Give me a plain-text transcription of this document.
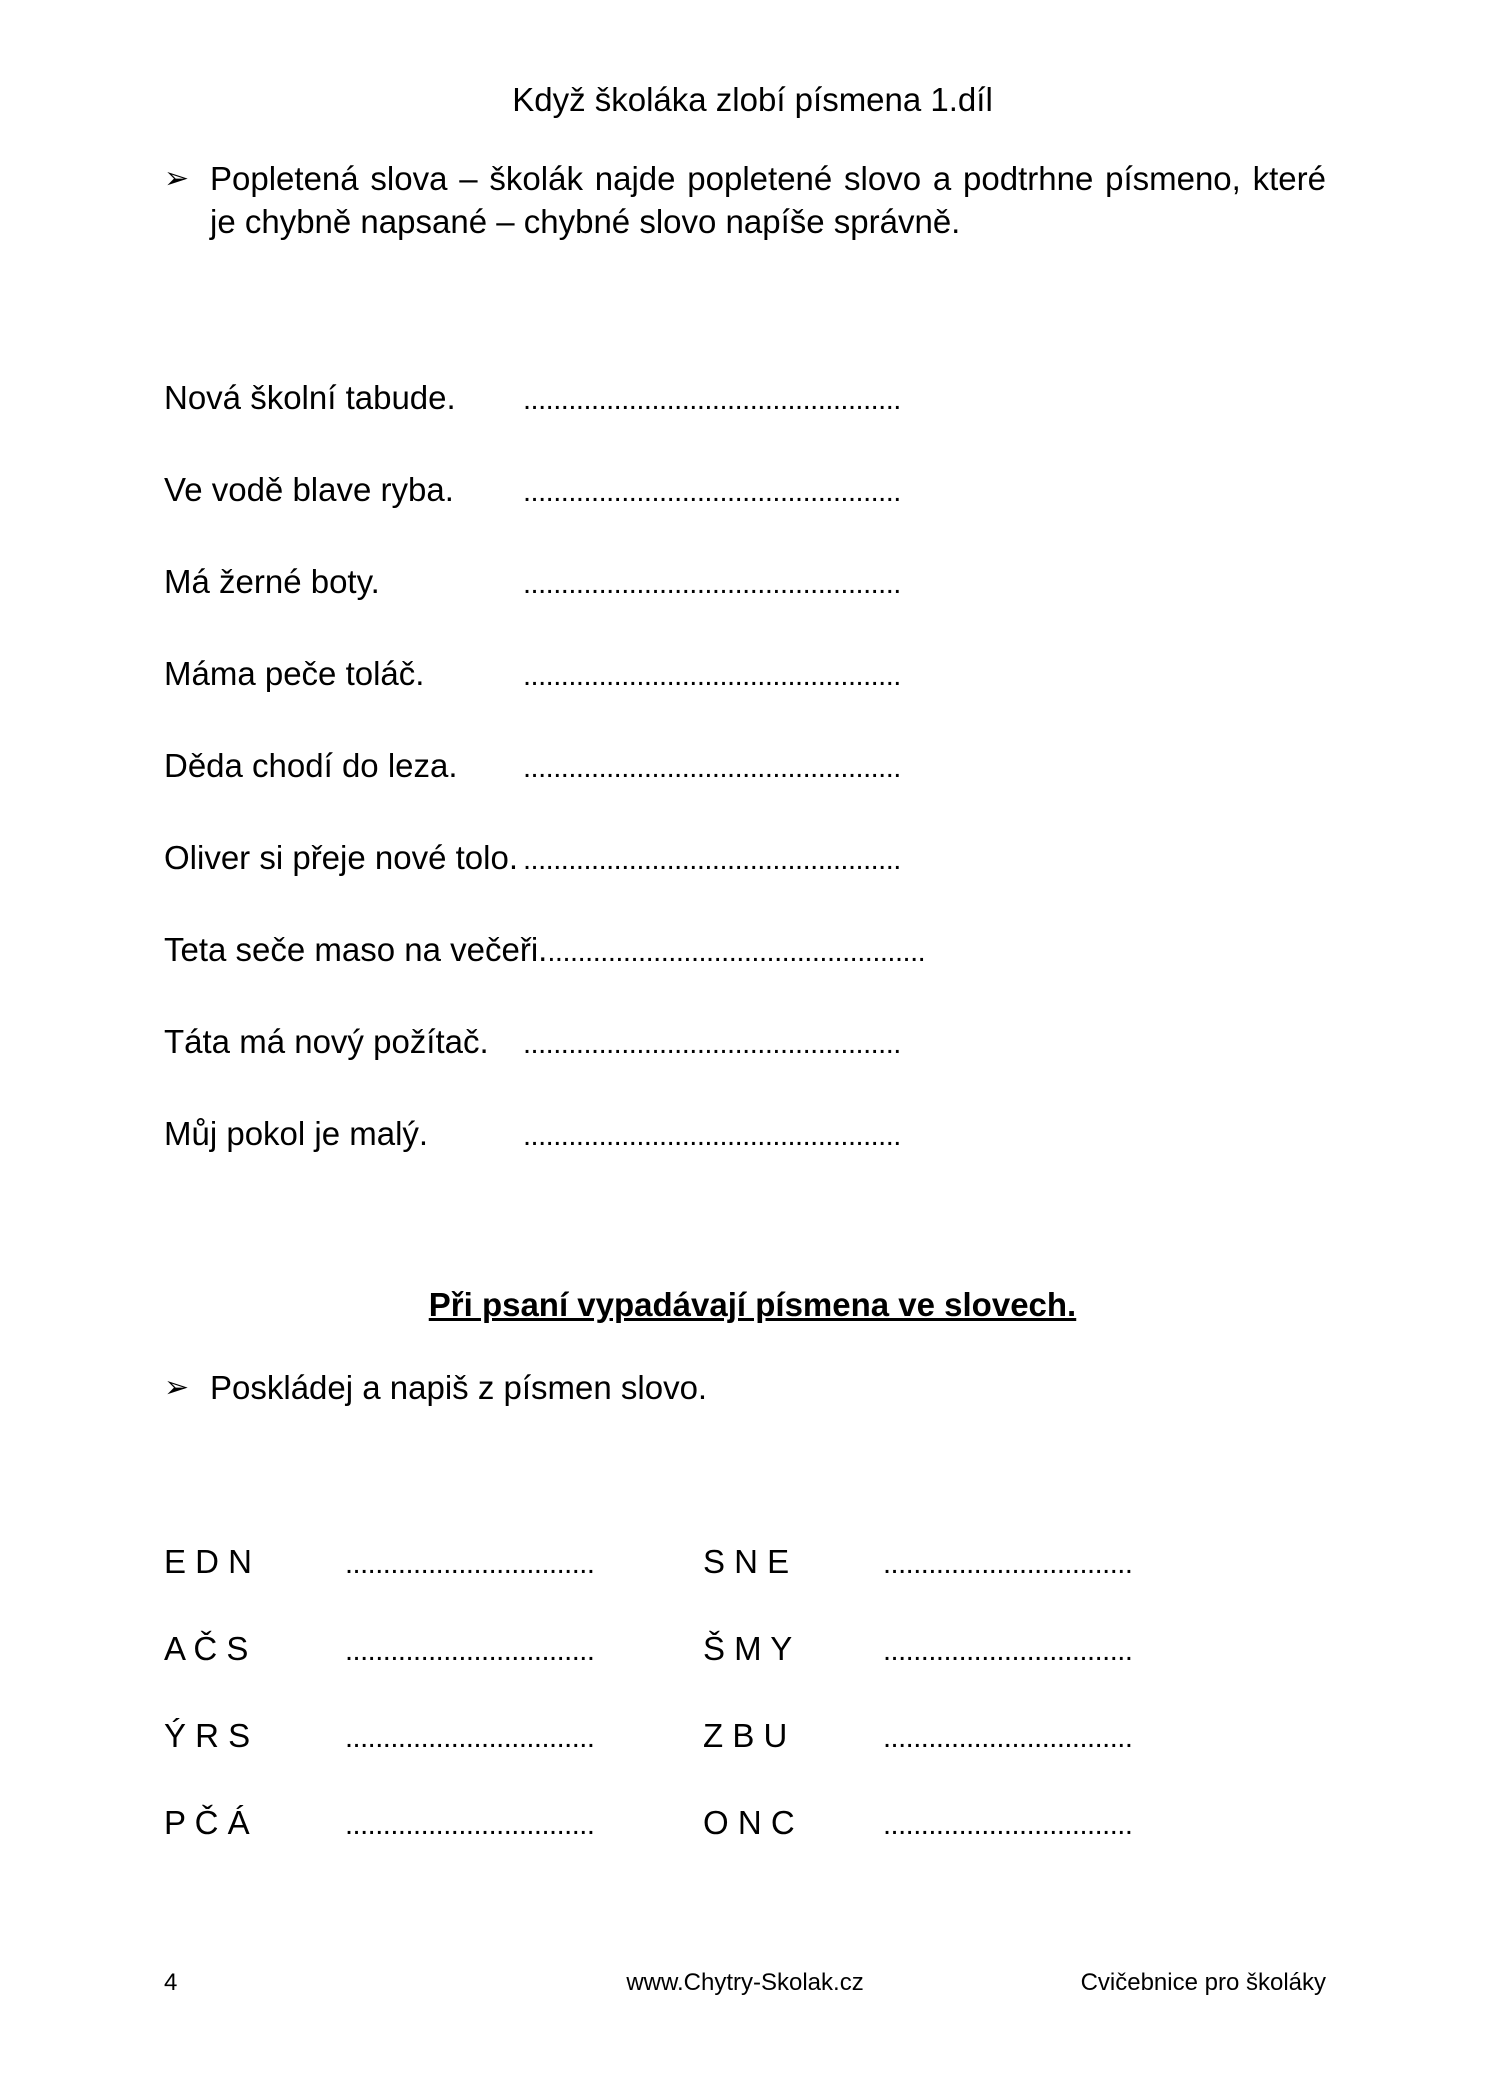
Když školáka zlobí písmena 1.díl
➢ Popletená slova – školák najde popletené slovo a podtrhne písmeno, které je chybně napsané – chybné slovo napíše správně.

Nová školní tabude.	..................................................
Ve vodě blave ryba.	..................................................
Má žerné boty.	..................................................
Máma peče toláč.	..................................................
Děda chodí do leza.	..................................................
Oliver si přeje nové tolo. ..................................................
Teta seče maso na večeři. ..................................................
Táta má nový požítač.	..................................................
Můj pokol je malý.	..................................................
Při psaní vypadávají písmena ve slovech.
➢ Poskládej a napiš z písmen slovo.

E D N	.................................	S N E	.................................
A Č S	.................................	Š M Y	.................................
Ý R S	.................................	Z B U	.................................
P Č Á	.................................	O N C	.................................
4	www.Chytry-Skolak.cz	Cvičebnice pro školáky
